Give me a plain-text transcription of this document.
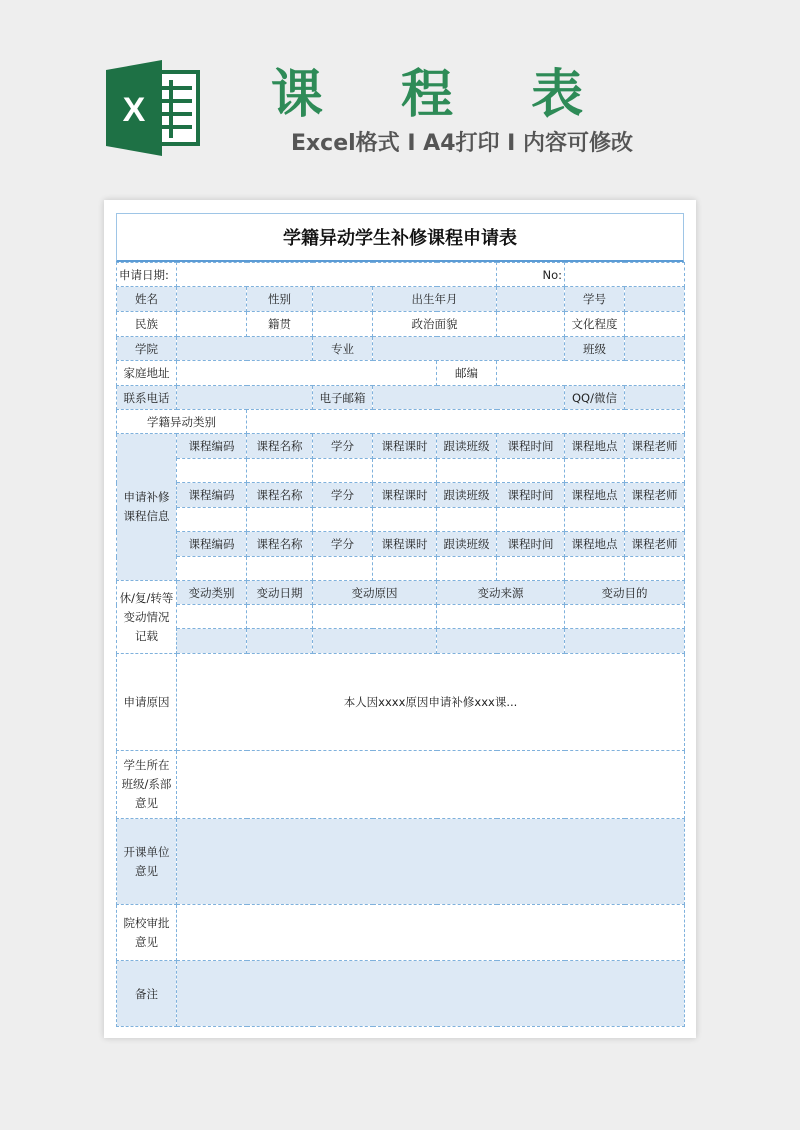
X 课 程 表
Excel格式 I A4打印 I 内容可修改
学籍异动学生补修课程申请表
申请日期:						No:		
姓名		性别		出生年月			学号	
民族		籍贯		政治面貌			文化程度	
学院			专业				班级	
家庭地址					邮编			
联系电话			电子邮箱				QQ/微信	
学籍异动类别								
申请补修课程信息	课程编码	课程名称	学分	课程课时	跟读班级	课程时间	课程地点	课程老师

	课程编码	课程名称	学分	课程课时	跟读班级	课程时间	课程地点	课程老师

	课程编码	课程名称	学分	课程课时	跟读班级	课程时间	课程地点	课程老师

休/复/转等变动情况记载	变动类别	变动日期	变动原因		变动来源		变动目的	

申请原因	本人因xxxx原因申请补修xxx课...							
学生所在班级/系部意见								
开课单位意见								
院校审批意见								
备注								
